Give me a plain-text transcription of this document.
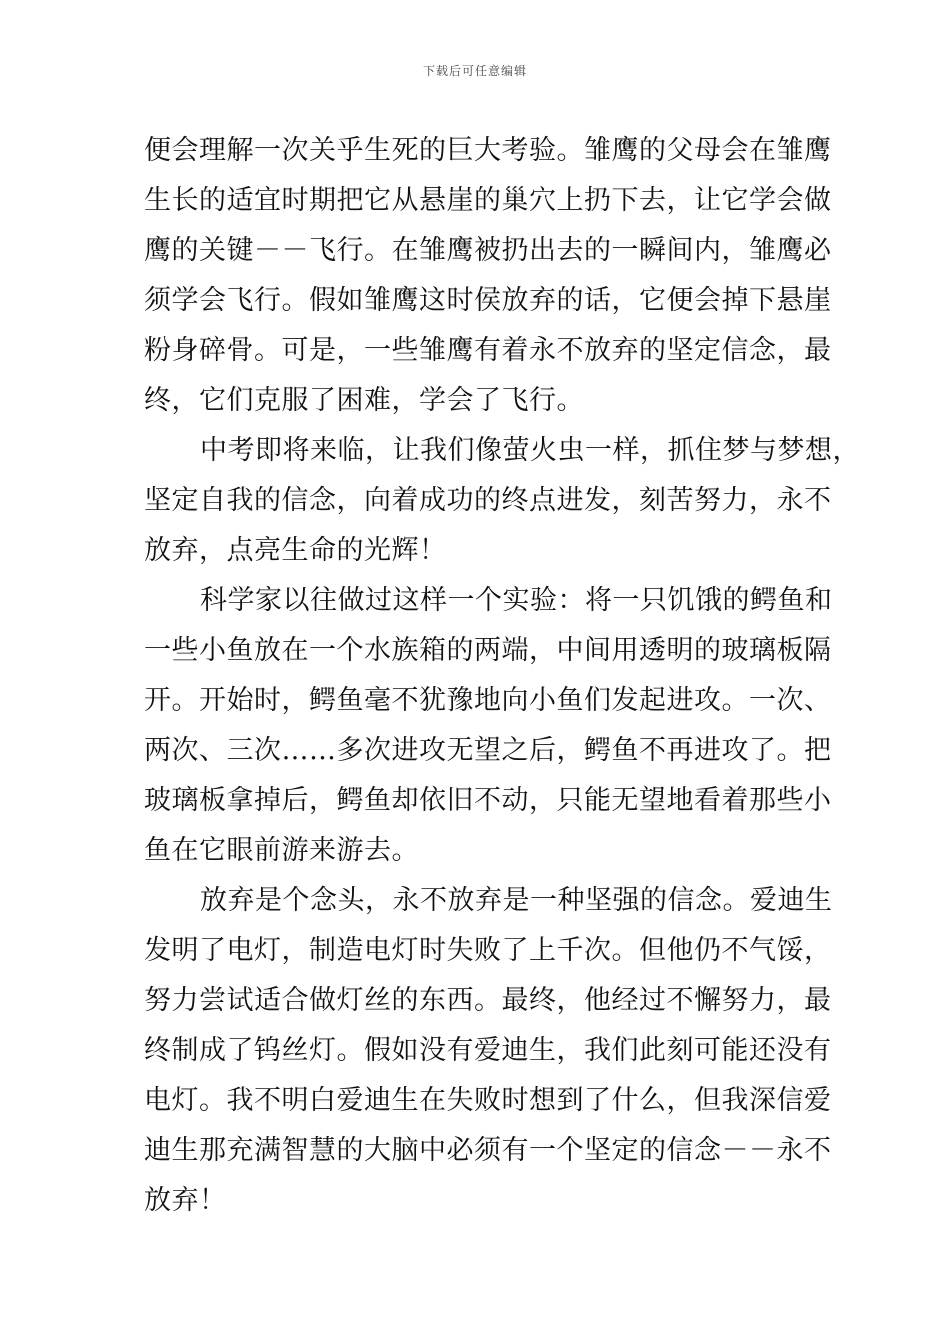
下载后可任意编辑
便会理解一次关乎生死的巨大考验。雏鹰的父母会在雏鹰
生长的适宜时期把它从悬崖的巢穴上扔下去，让它学会做
鹰的关键－－飞行。在雏鹰被扔出去的一瞬间内，雏鹰必
须学会飞行。假如雏鹰这时侯放弃的话，它便会掉下悬崖
粉身碎骨。可是，一些雏鹰有着永不放弃的坚定信念，最
终，它们克服了困难，学会了飞行。
中考即将来临，让我们像萤火虫一样，抓住梦与梦想，
坚定自我的信念，向着成功的终点进发，刻苦努力，永不
放弃，点亮生命的光辉！
科学家以往做过这样一个实验：将一只饥饿的鳄鱼和
一些小鱼放在一个水族箱的两端，中间用透明的玻璃板隔
开。开始时，鳄鱼毫不犹豫地向小鱼们发起进攻。一次、
两次、三次……多次进攻无望之后，鳄鱼不再进攻了。把
玻璃板拿掉后，鳄鱼却依旧不动，只能无望地看着那些小
鱼在它眼前游来游去。
放弃是个念头，永不放弃是一种坚强的信念。爱迪生
发明了电灯，制造电灯时失败了上千次。但他仍不气馁，
努力尝试适合做灯丝的东西。最终，他经过不懈努力，最
终制成了钨丝灯。假如没有爱迪生，我们此刻可能还没有
电灯。我不明白爱迪生在失败时想到了什么，但我深信爱
迪生那充满智慧的大脑中必须有一个坚定的信念－－永不
放弃！
